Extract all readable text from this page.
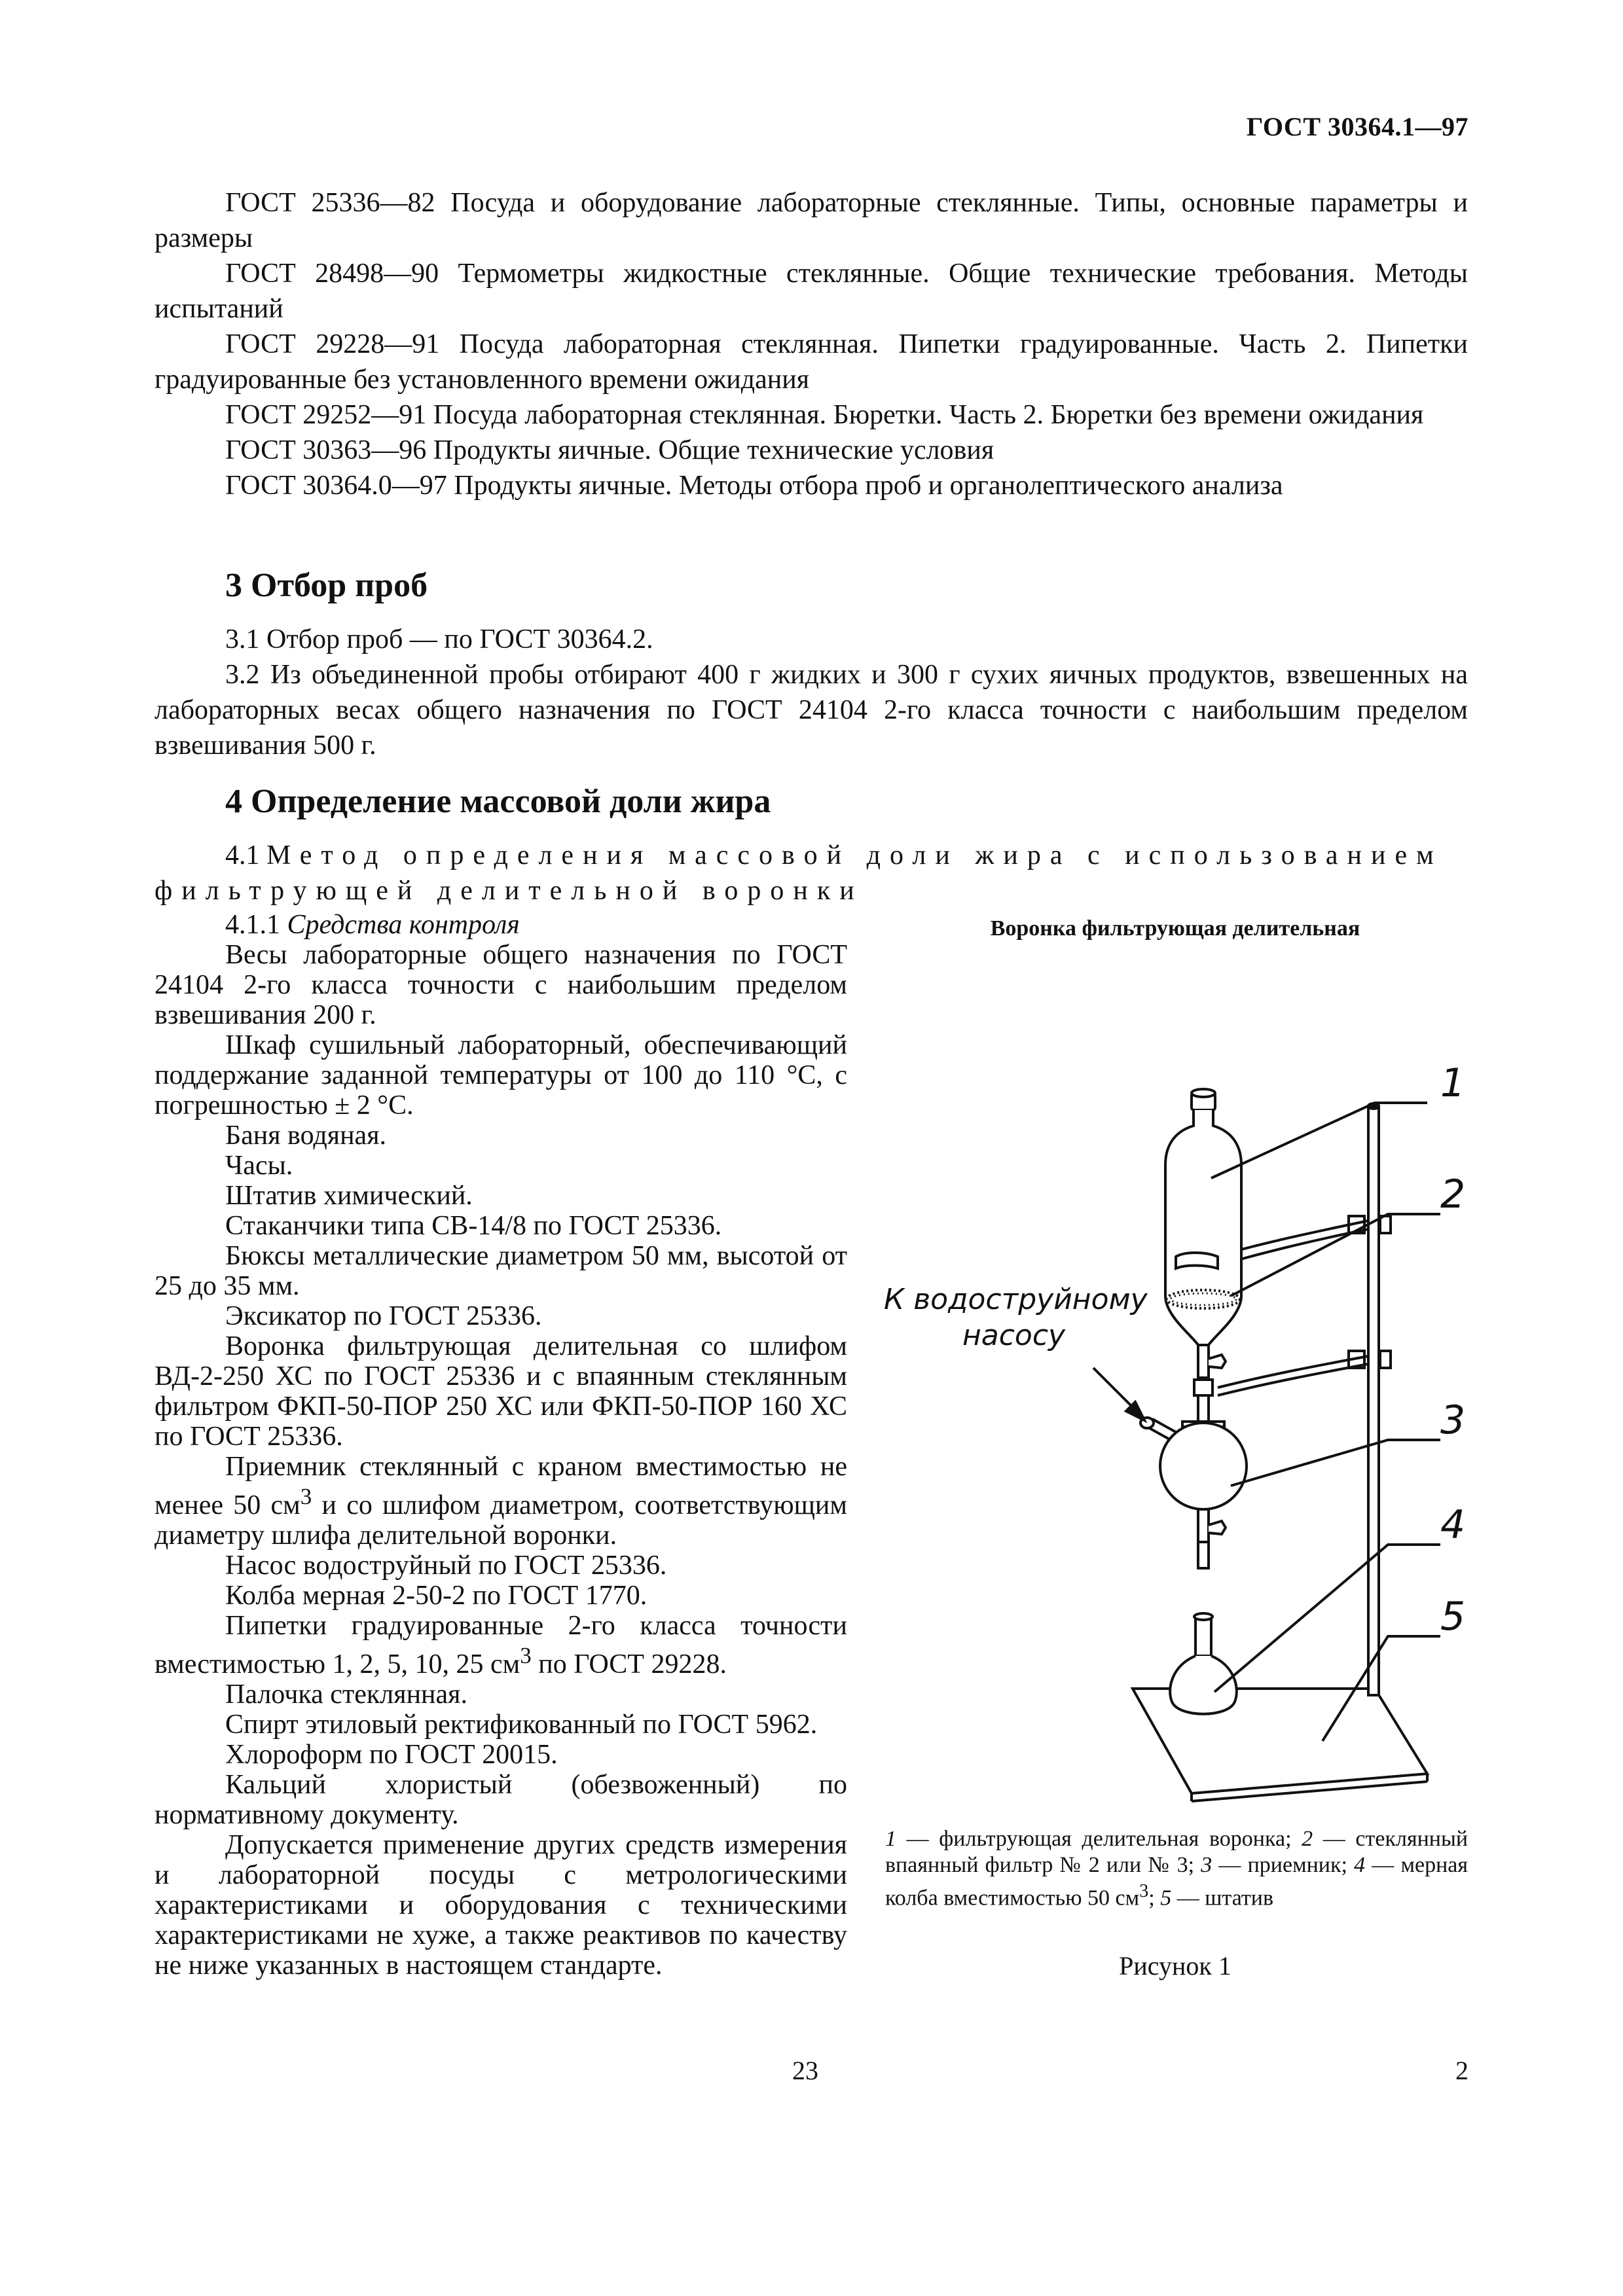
ГОСТ 30364.1—97

ГОСТ 25336—82 Посуда и оборудование лабораторные стеклянные. Типы, основные параметры и размеры

ГОСТ 28498—90 Термометры жидкостные стеклянные. Общие технические требования. Методы испытаний

ГОСТ 29228—91 Посуда лабораторная стеклянная. Пипетки градуированные. Часть 2. Пипетки градуированные без установленного времени ожидания

ГОСТ 29252—91 Посуда лабораторная стеклянная. Бюретки. Часть 2. Бюретки без времени ожидания

ГОСТ 30363—96 Продукты яичные. Общие технические условия

ГОСТ 30364.0—97 Продукты яичные. Методы отбора проб и органолептического анализа

3 Отбор проб

3.1 Отбор проб — по ГОСТ 30364.2.

3.2 Из объединенной пробы отбирают 400 г жидких и 300 г сухих яичных продуктов, взвешенных на лабораторных весах общего назначения по ГОСТ 24104 2-го класса точности с наибольшим пределом взвешивания 500 г.

4 Определение массовой доли жира

4.1 Метод определения массовой доли жира с использованием фильтрующей делительной воронки

4.1.1 Средства контроля

Весы лабораторные общего назначения по ГОСТ 24104 2-го класса точности с наибольшим пределом взвешивания 200 г.

Шкаф сушильный лабораторный, обеспечивающий поддержание заданной температуры от 100 до 110 °С, с погрешностью ± 2 °С.

Баня водяная.

Часы.

Штатив химический.

Стаканчики типа СВ-14/8 по ГОСТ 25336.

Бюксы металлические диаметром 50 мм, высотой от 25 до 35 мм.

Эксикатор по ГОСТ 25336.

Воронка фильтрующая делительная со шлифом ВД-2-250 ХС по ГОСТ 25336 и с впаянным стеклянным фильтром ФКП-50-ПОР 250 ХС или ФКП-50-ПОР 160 ХС по ГОСТ 25336.

Приемник стеклянный с краном вместимостью не менее 50 $см^3$ и со шлифом диаметром, соответствующим диаметру шлифа делительной воронки.

Насос водоструйный по ГОСТ 25336.

Колба мерная 2-50-2 по ГОСТ 1770.

Пипетки градуированные 2-го класса точности вместимостью 1, 2, 5, 10, 25 $см^3$ по ГОСТ 29228.

Палочка стеклянная.

Спирт этиловый ректификованный по ГОСТ 5962.

Хлороформ по ГОСТ 20015.

Кальций хлористый (обезвоженный) по нормативному документу.

Допускается применение других средств измерения и лабораторной посуды с метрологическими характеристиками и оборудования с техническими характеристиками не хуже, а также реактивов по качеству не ниже указанных в настоящем стандарте.

Воронка фильтрующая делительная
1
2
3
4
5
К водоструйному
насосу
1 — фильтрующая делительная воронка; 2 — стеклянный впаянный фильтр № 2 или № 3; 3 — приемник; 4 — мерная колба вместимостью 50 $см^3$; 5 — штатив
Рисунок 1
23	2
